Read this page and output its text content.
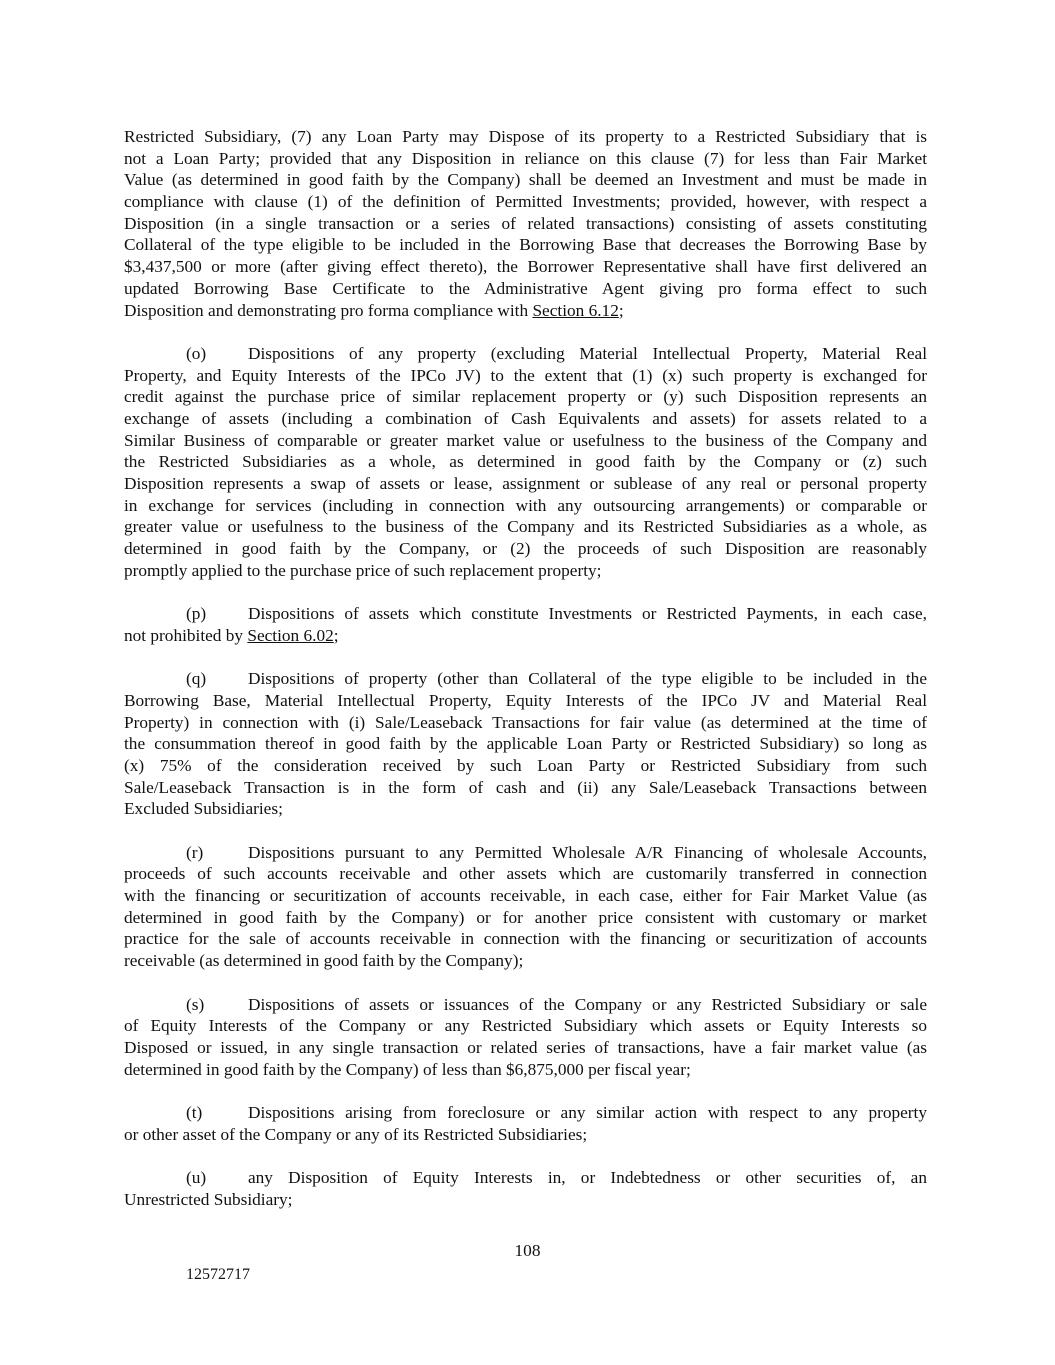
Restricted Subsidiary, (7) any Loan Party may Dispose of its property to a Restricted Subsidiary that is
not a Loan Party; provided that any Disposition in reliance on this clause (7) for less than Fair Market
Value (as determined in good faith by the Company) shall be deemed an Investment and must be made in
compliance with clause (1) of the definition of Permitted Investments; provided, however, with respect a
Disposition (in a single transaction or a series of related transactions) consisting of assets constituting
Collateral of the type eligible to be included in the Borrowing Base that decreases the Borrowing Base by
$3,437,500 or more (after giving effect thereto), the Borrower Representative shall have first delivered an
updated Borrowing Base Certificate to the Administrative Agent giving pro forma effect to such
Disposition and demonstrating pro forma compliance with Section 6.12;
(o)	Dispositions of any property (excluding Material Intellectual Property, Material Real
Property, and Equity Interests of the IPCo JV) to the extent that (1) (x) such property is exchanged for
credit against the purchase price of similar replacement property or (y) such Disposition represents an
exchange of assets (including a combination of Cash Equivalents and assets) for assets related to a
Similar Business of comparable or greater market value or usefulness to the business of the Company and
the Restricted Subsidiaries as a whole, as determined in good faith by the Company or (z) such
Disposition represents a swap of assets or lease, assignment or sublease of any real or personal property
in exchange for services (including in connection with any outsourcing arrangements) or comparable or
greater value or usefulness to the business of the Company and its Restricted Subsidiaries as a whole, as
determined in good faith by the Company, or (2) the proceeds of such Disposition are reasonably
promptly applied to the purchase price of such replacement property;
(p)	Dispositions of assets which constitute Investments or Restricted Payments, in each case,
not prohibited by Section 6.02;
(q)	Dispositions of property (other than Collateral of the type eligible to be included in the
Borrowing Base, Material Intellectual Property, Equity Interests of the IPCo JV and Material Real
Property) in connection with (i) Sale/Leaseback Transactions for fair value (as determined at the time of
the consummation thereof in good faith by the applicable Loan Party or Restricted Subsidiary) so long as
(x) 75% of the consideration received by such Loan Party or Restricted Subsidiary from such
Sale/Leaseback Transaction is in the form of cash and (ii) any Sale/Leaseback Transactions between
Excluded Subsidiaries;
(r)	Dispositions pursuant to any Permitted Wholesale A/R Financing of wholesale Accounts,
proceeds of such accounts receivable and other assets which are customarily transferred in connection
with the financing or securitization of accounts receivable, in each case, either for Fair Market Value (as
determined in good faith by the Company) or for another price consistent with customary or market
practice for the sale of accounts receivable in connection with the financing or securitization of accounts
receivable (as determined in good faith by the Company);
(s)	Dispositions of assets or issuances of the Company or any Restricted Subsidiary or sale
of Equity Interests of the Company or any Restricted Subsidiary which assets or Equity Interests so
Disposed or issued, in any single transaction or related series of transactions, have a fair market value (as
determined in good faith by the Company) of less than $6,875,000 per fiscal year;
(t)	Dispositions arising from foreclosure or any similar action with respect to any property
or other asset of the Company or any of its Restricted Subsidiaries;
(u)	any Disposition of Equity Interests in, or Indebtedness or other securities of, an
Unrestricted Subsidiary;
108
12572717
